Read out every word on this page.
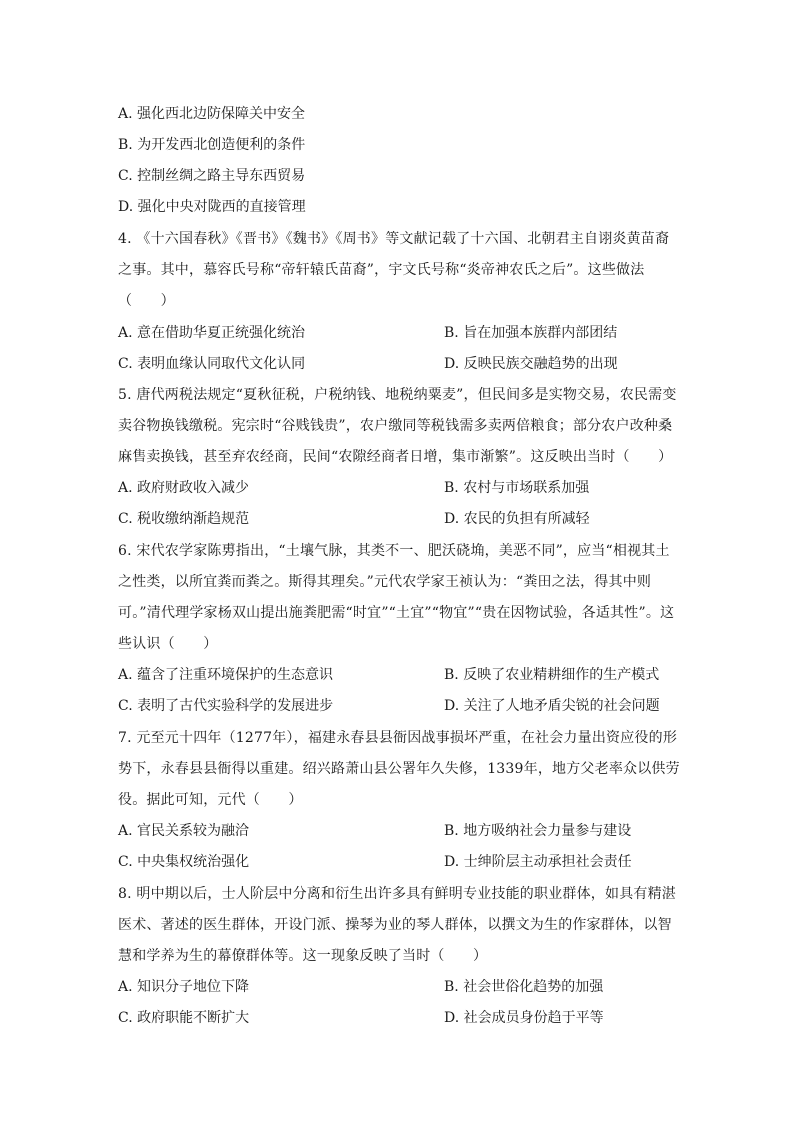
A. 强化西北边防保障关中安全
B. 为开发西北创造便利的条件
C. 控制丝绸之路主导东西贸易
D. 强化中央对陇西的直接管理
4. 《十六国春秋》《晋书》《魏书》《周书》等文献记载了十六国、北朝君主自诩炎黄苗裔
之事。其中，慕容氏号称“帝轩辕氏苗裔”，宇文氏号称“炎帝神农氏之后”。这些做法
（　　）
A. 意在借助华夏正统强化统治	B. 旨在加强本族群内部团结
C. 表明血缘认同取代文化认同	D. 反映民族交融趋势的出现
5. 唐代两税法规定“夏秋征税，户税纳钱、地税纳粟麦”，但民间多是实物交易，农民需变
卖谷物换钱缴税。宪宗时“谷贱钱贵”，农户缴同等税钱需多卖两倍粮食；部分农户改种桑
麻售卖换钱，甚至弃农经商，民间“农隙经商者日增，集市渐繁”。这反映出当时（　　）
A. 政府财政收入减少	B. 农村与市场联系加强
C. 税收缴纳渐趋规范	D. 农民的负担有所减轻
6. 宋代农学家陈旉指出，“土壤气脉，其类不一、肥沃硗埆，美恶不同”，应当“相视其土
之性类，以所宜粪而粪之。斯得其理矣。”元代农学家王祯认为：“粪田之法，得其中则
可。”清代理学家杨双山提出施粪肥需“时宜”“土宜”“物宜”“贵在因物试验，各适其性”。这
些认识（　　）
A. 蕴含了注重环境保护的生态意识	B. 反映了农业精耕细作的生产模式
C. 表明了古代实验科学的发展进步	D. 关注了人地矛盾尖锐的社会问题
7. 元至元十四年（1277年），福建永春县县衙因战事损坏严重，在社会力量出资应役的形
势下，永春县县衙得以重建。绍兴路萧山县公署年久失修，1339年，地方父老率众以供劳
役。据此可知，元代（　　）
A. 官民关系较为融洽	B. 地方吸纳社会力量参与建设
C. 中央集权统治强化	D. 士绅阶层主动承担社会责任
8. 明中期以后，士人阶层中分离和衍生出许多具有鲜明专业技能的职业群体，如具有精湛
医术、著述的医生群体，开设门派、操琴为业的琴人群体，以撰文为生的作家群体，以智
慧和学养为生的幕僚群体等。这一现象反映了当时（　　）
A. 知识分子地位下降	B. 社会世俗化趋势的加强
C. 政府职能不断扩大	D. 社会成员身份趋于平等
